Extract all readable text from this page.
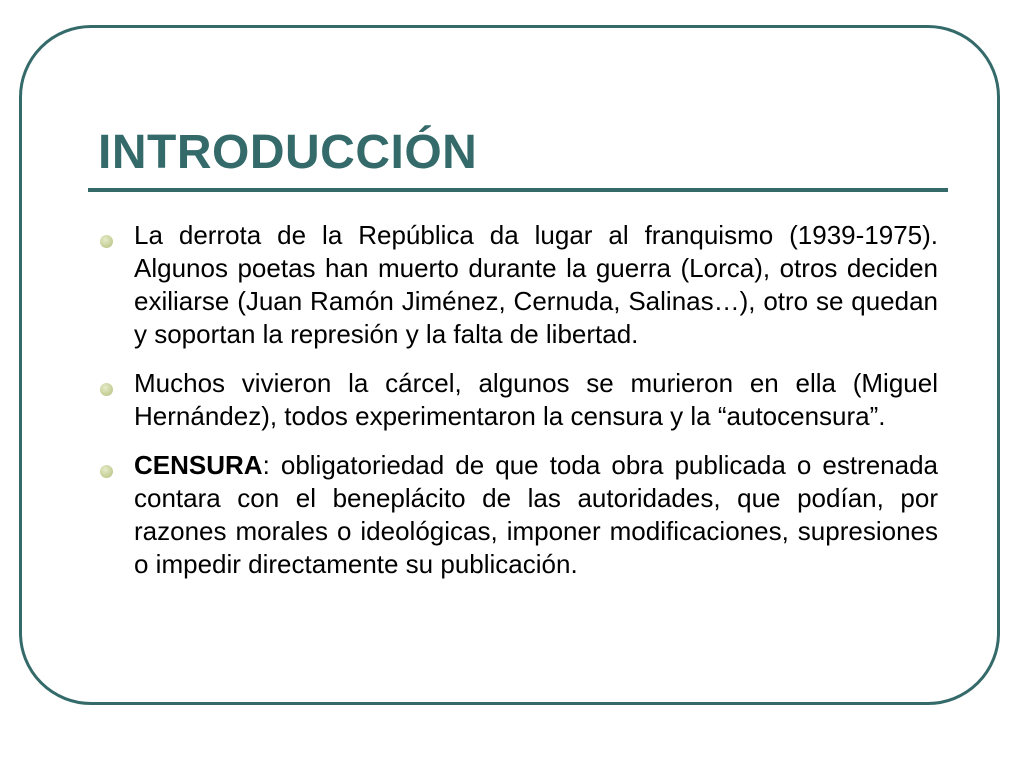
INTRODUCCIÓN
La derrota de la República da lugar al franquismo (1939-1975). Algunos poetas han muerto durante la guerra (Lorca), otros deciden exiliarse (Juan Ramón Jiménez, Cernuda, Salinas…), otro se quedan y soportan la represión y la falta de libertad.
Muchos vivieron la cárcel, algunos se murieron en ella (Miguel Hernández), todos experimentaron la censura y la “autocensura”.
CENSURA: obligatoriedad de que toda obra publicada o estrenada contara con el beneplácito de las autoridades, que podían, por razones morales o ideológicas, imponer modificaciones, supresiones o impedir directamente su publicación.
